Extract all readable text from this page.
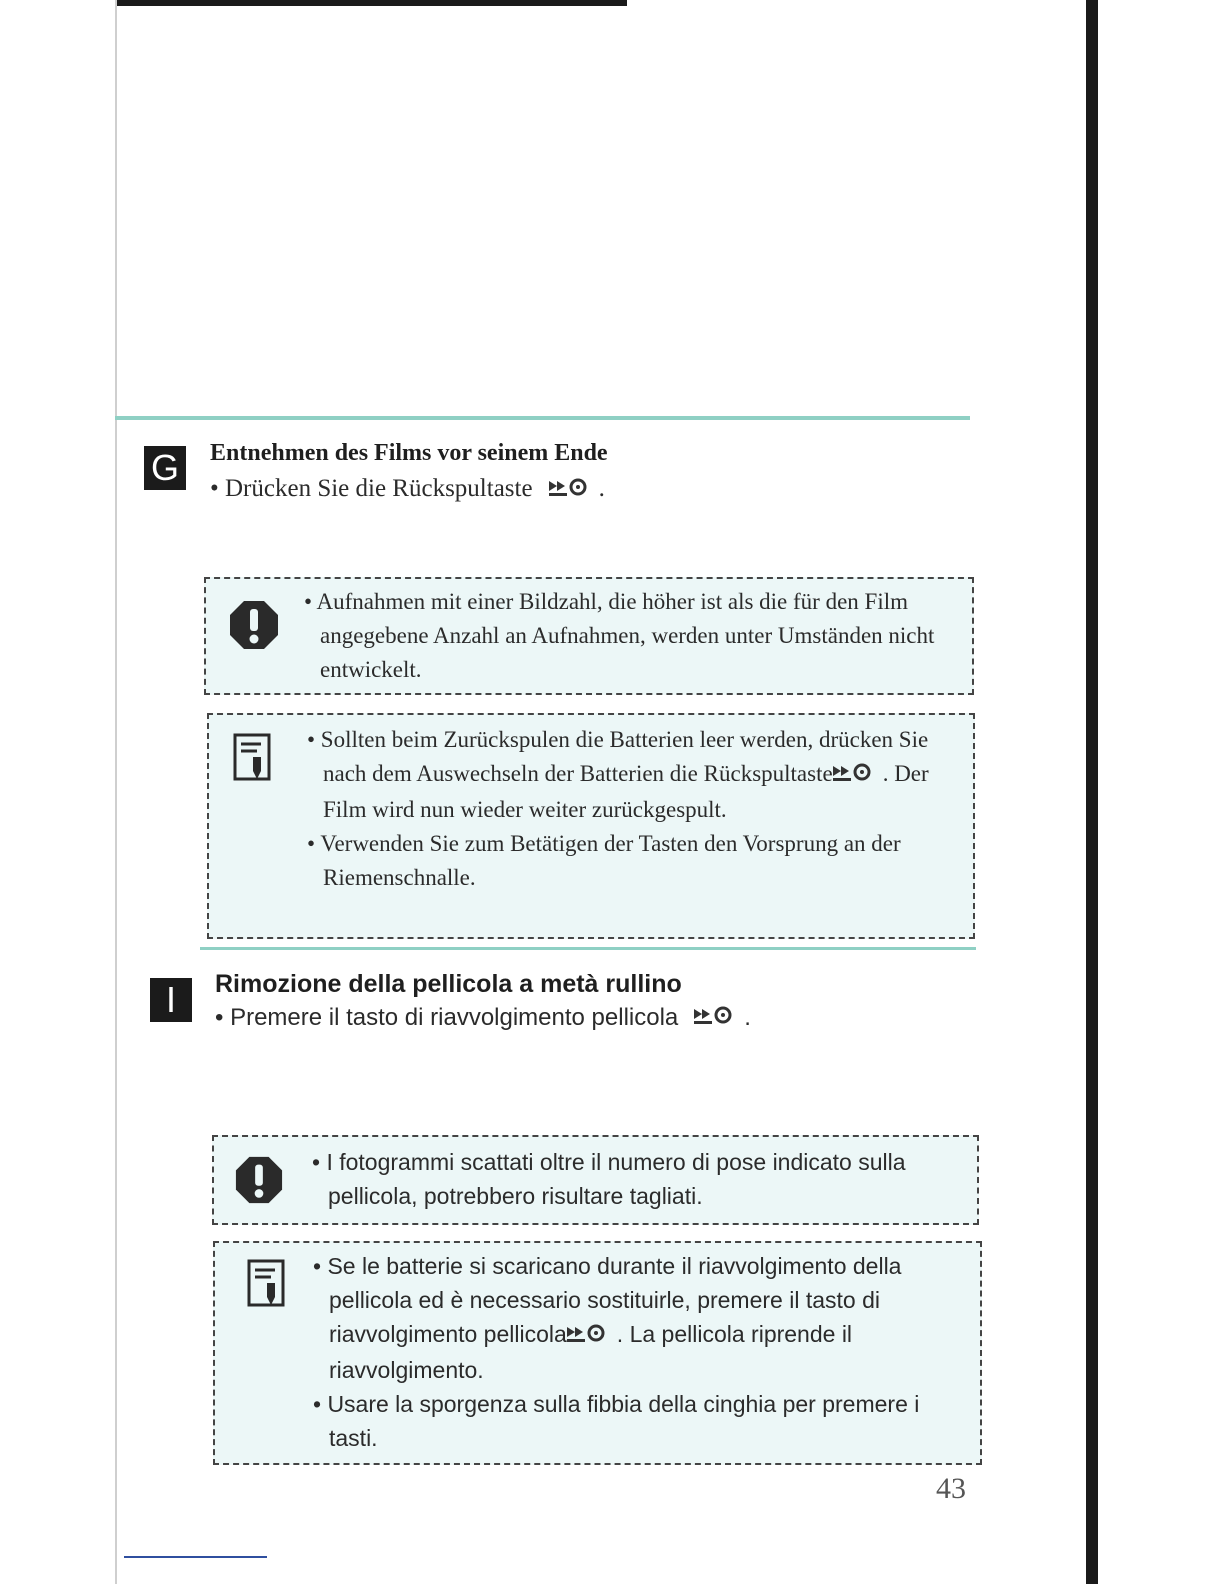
G Entnehmen des Films vor seinem Ende
• Drücken Sie die Rückspultaste	.
• Aufnahmen mit einer Bildzahl, die höher ist als die für den Film angegebene Anzahl an Aufnahmen, werden unter Umständen nicht entwickelt.
• Sollten beim Zurückspulen die Batterien leer werden, drücken Sie nach dem Auswechseln der Batterien die Rückspultaste . Der Film wird nun wieder weiter zurückgespult.
• Verwenden Sie zum Betätigen der Tasten den Vorsprung an der Riemenschnalle.
I	Rimozione della pellicola a metà rullino
• Premere il tasto di riavvolgimento pellicola	.
• I fotogrammi scattati oltre il numero di pose indicato sulla pellicola, potrebbero risultare tagliati.
• Se le batterie si scaricano durante il riavvolgimento della pellicola ed è necessario sostituirle, premere il tasto di riavvolgimento pellicola . La pellicola riprende il riavvolgimento.
• Usare la sporgenza sulla fibbia della cinghia per premere i tasti.
43
